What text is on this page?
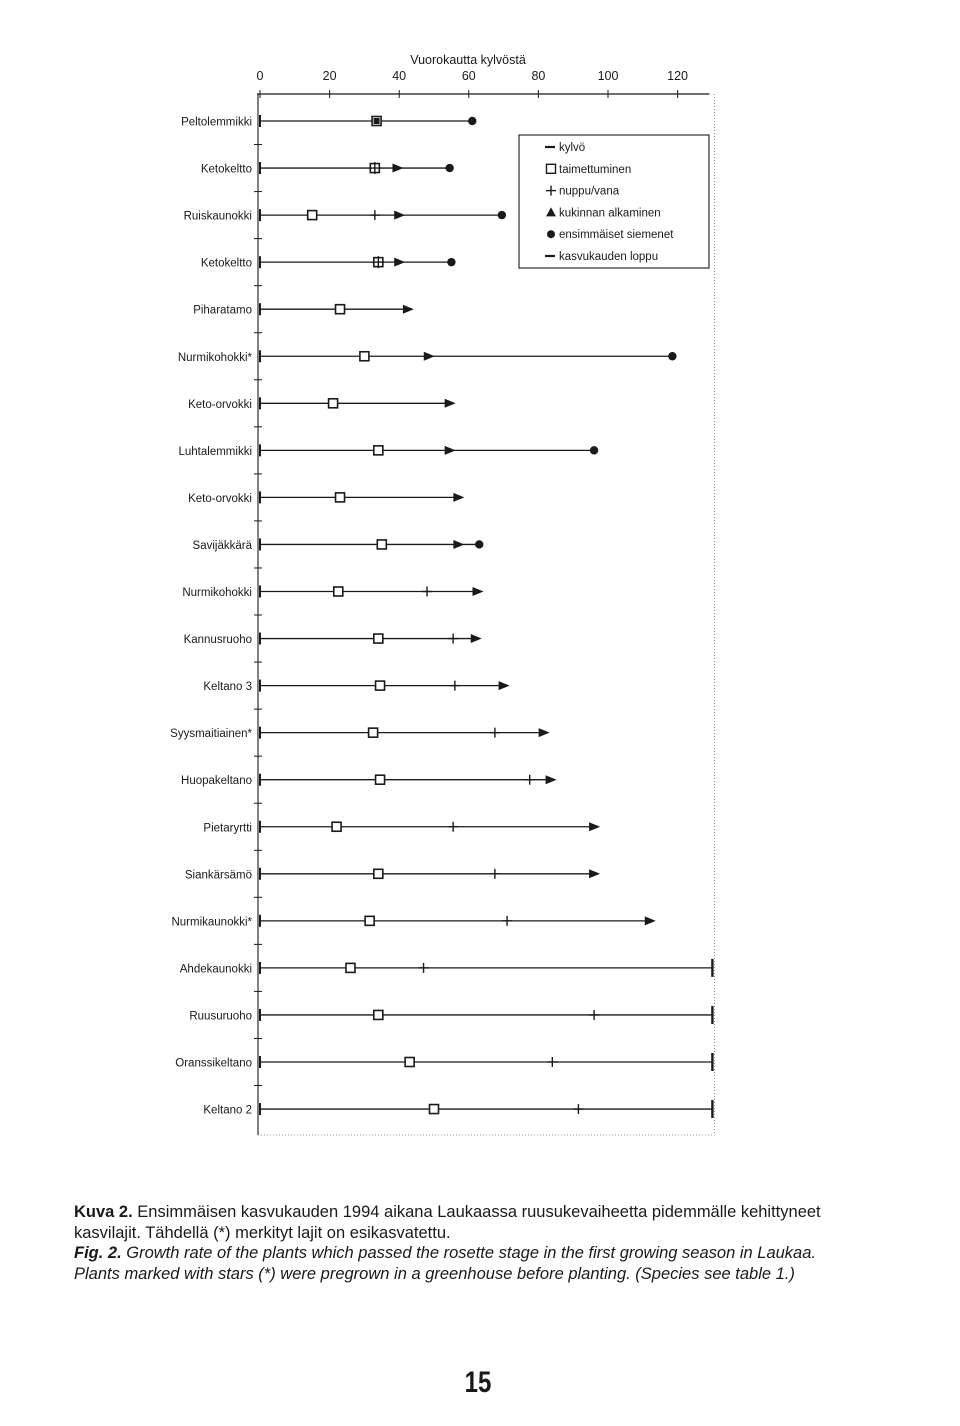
Vuorokautta kylvöstä
0	20	40	60	80	100	120
Peltolemmikki
Ketokeltto
Ruiskaunokki
Ketokeltto
Piharatamo
Nurmikohokki*
Keto-orvokki
Luhtalemmikki
Keto-orvokki
Savijäkkärä
Nurmikohokki
Kannusruoho
Keltano 3
Syysmaitiainen*
Huopakeltano
Pietaryrtti
Siankärsämö
Nurmikaunokki*
Ahdekaunokki
Ruusuruoho
Oranssikeltano
Keltano 2
kylvö
taimettuminen
nuppu/vana
kukinnan alkaminen
ensimmäiset siemenet
kasvukauden loppu
Kuva 2. Ensimmäisen kasvukauden 1994 aikana Laukaassa ruusukevaiheetta pidemmälle kehittyneet kasvilajit. Tähdellä (*) merkityt lajit on esikasvatettu.
Fig. 2. Growth rate of the plants which passed the rosette stage in the first growing season in Laukaa. Plants marked with stars (*) were pregrown in a greenhouse before planting. (Species see table 1.)
15
